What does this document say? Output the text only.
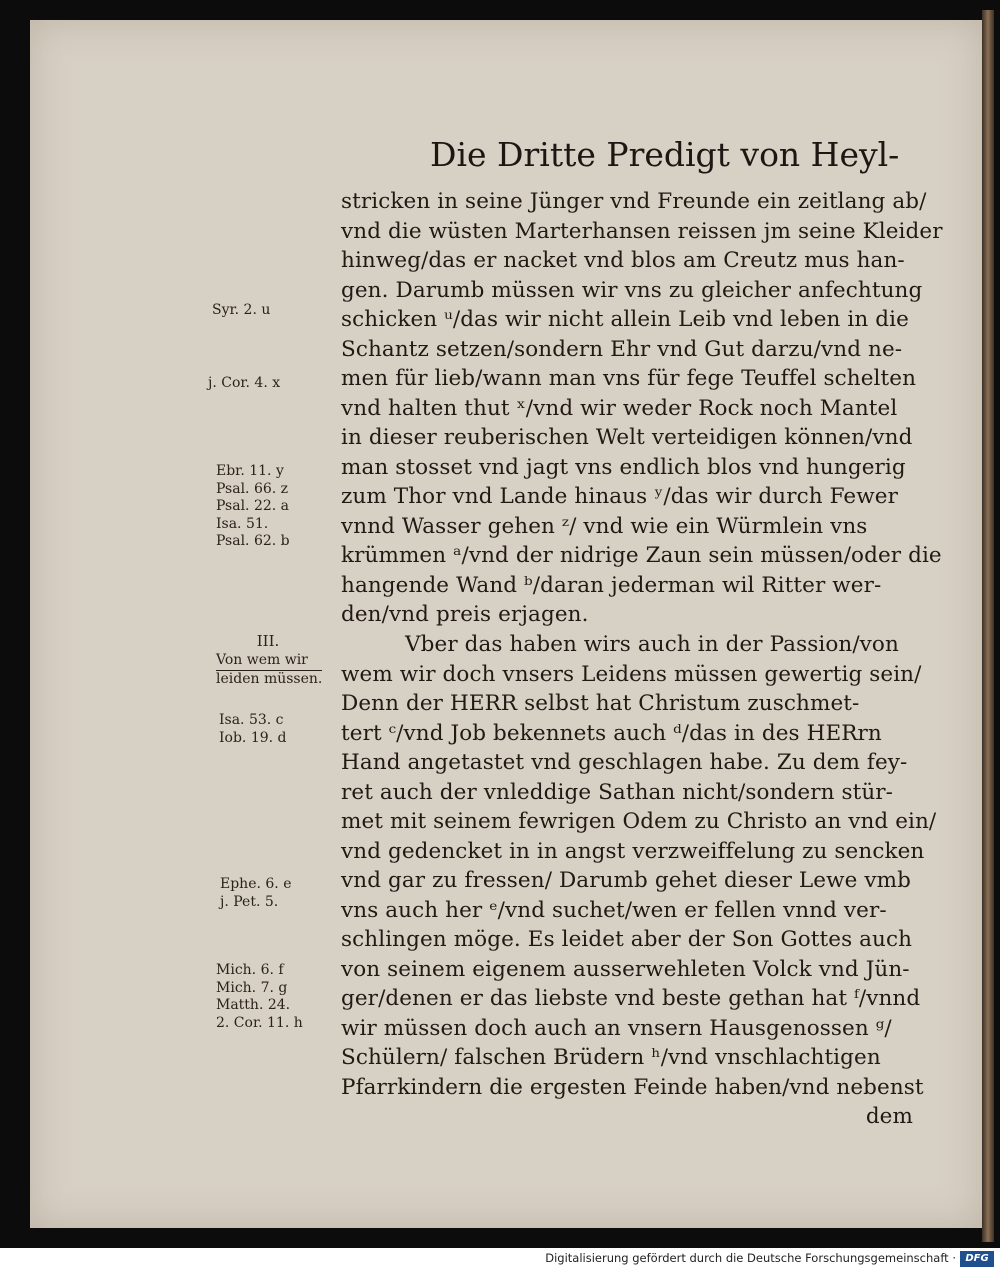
Die Dritte Predigt von Heyl-
stricken in seine Jünger vnd Freunde ein zeitlang ab/
vnd die wüsten Marterhansen reissen jm seine Kleider
hinweg/das er nacket vnd blos am Creutz mus han-
gen. Darumb müssen wir vns zu gleicher anfechtung
schicken ᵘ/das wir nicht allein Leib vnd leben in die
Schantz setzen/sondern Ehr vnd Gut darzu/vnd ne-
men für lieb/wann man vns für fege Teuffel schelten
vnd halten thut ˣ/vnd wir weder Rock noch Mantel
in dieser reuberischen Welt verteidigen können/vnd
man stosset vnd jagt vns endlich blos vnd hungerig
zum Thor vnd Lande hinaus ʸ/das wir durch Fewer
vnnd Wasser gehen ᶻ/ vnd wie ein Würmlein vns
krümmen ᵃ/vnd der nidrige Zaun sein müssen/oder die
hangende Wand ᵇ/daran jederman wil Ritter wer-
den/vnd preis erjagen.
Vber das haben wirs auch in der Passion/von
wem wir doch vnsers Leidens müssen gewertig sein/
Denn der HERR selbst hat Christum zuschmet-
tert ᶜ/vnd Job bekennets auch ᵈ/das in des HERrn
Hand angetastet vnd geschlagen habe. Zu dem fey-
ret auch der vnleddige Sathan nicht/sondern stür-
met mit seinem fewrigen Odem zu Christo an vnd ein/
vnd gedencket in in angst verzweiffelung zu sencken
vnd gar zu fressen/ Darumb gehet dieser Lewe vmb
vns auch her ᵉ/vnd suchet/wen er fellen vnnd ver-
schlingen möge. Es leidet aber der Son Gottes auch
von seinem eigenem ausserwehleten Volck vnd Jün-
ger/denen er das liebste vnd beste gethan hat ᶠ/vnnd
wir müssen doch auch an vnsern Hausgenossen ᵍ/
Schülern/ falschen Brüdern ʰ/vnd vnschlachtigen
Pfarrkindern die ergesten Feinde haben/vnd nebenst
dem
Syr. 2. u
j. Cor. 4. x
Ebr. 11. y
Psal. 66. z
Psal. 22. a
Isa. 51.
Psal. 62. b
III.
Von wem wir
leiden müssen.
Isa. 53. c
Iob. 19. d
Ephe. 6. e
j. Pet. 5.
Mich. 6. f
Mich. 7. g
Matth. 24.
2. Cor. 11. h
Digitalisierung gefördert durch die Deutsche Forschungsgemeinschaft · DFG
